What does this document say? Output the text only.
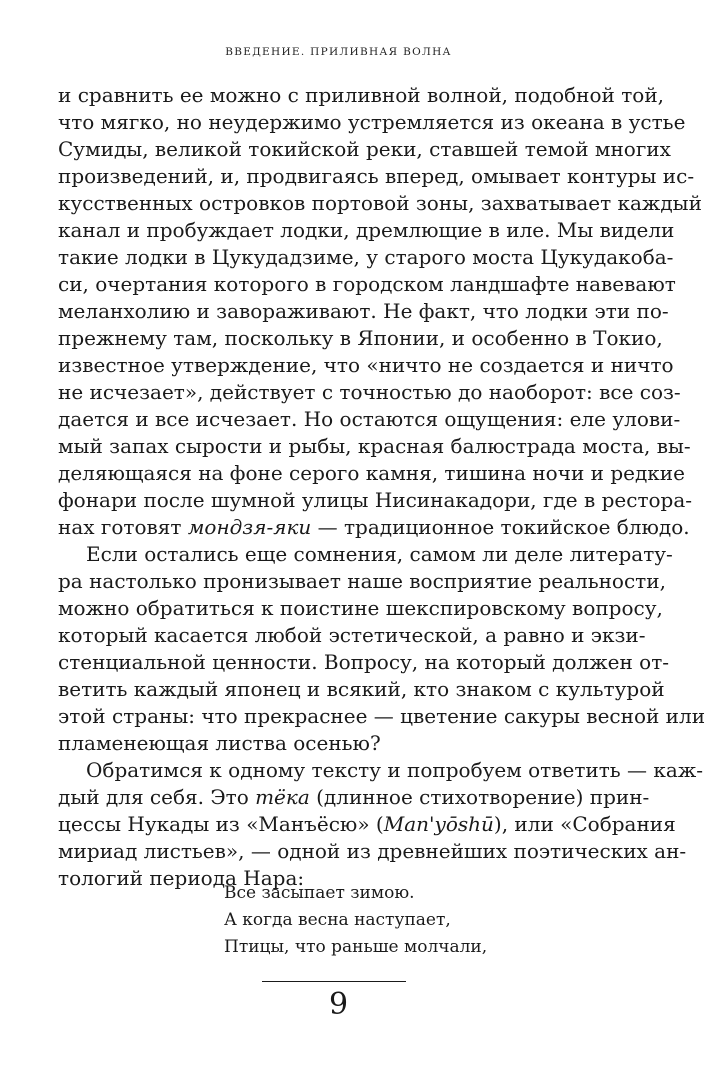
ВВЕДЕНИЕ. ПРИЛИВНАЯ ВОЛНА
и сравнить ее можно с приливной волной, подобной той,
что мягко, но неудержимо устремляется из океана в устье
Сумиды, великой токийской реки, ставшей темой многих
произведений, и, продвигаясь вперед, омывает контуры ис-
кусственных островков портовой зоны, захватывает каждый
канал и пробуждает лодки, дремлющие в иле. Мы видели
такие лодки в Цукудадзиме, у старого моста Цукудакоба-
си, очертания которого в городском ландшафте навевают
меланхолию и завораживают. Не факт, что лодки эти по-
прежнему там, поскольку в Японии, и особенно в Токио,
известное утверждение, что «ничто не создается и ничто
не исчезает», действует с точностью до наоборот: все соз-
дается и все исчезает. Но остаются ощущения: еле улови-
мый запах сырости и рыбы, красная балюстрада моста, вы-
деляющаяся на фоне серого камня, тишина ночи и редкие
фонари после шумной улицы Нисинакадори, где в рестора-
нах готовят мондзя-яки — традиционное токийское блюдо.
Если остались еще сомнения, самом ли деле литерату-
ра настолько пронизывает наше восприятие реальности,
можно обратиться к поистине шекспировскому вопросу,
который касается любой эстетической, а равно и экзи-
стенциальной ценности. Вопросу, на который должен от-
ветить каждый японец и всякий, кто знаком с культурой
этой страны: что прекраснее — цветение сакуры весной или
пламенеющая листва осенью?
Обратимся к одному тексту и попробуем ответить — каж-
дый для себя. Это тёка (длинное стихотворение) прин-
цессы Нукады из «Манъёсю» (Man'yōshū), или «Собрания
мириад листьев», — одной из древнейших поэтических ан-
тологий периода Нара:
Все засыпает зимою.
А когда весна наступает,
Птицы, что раньше молчали,
9
